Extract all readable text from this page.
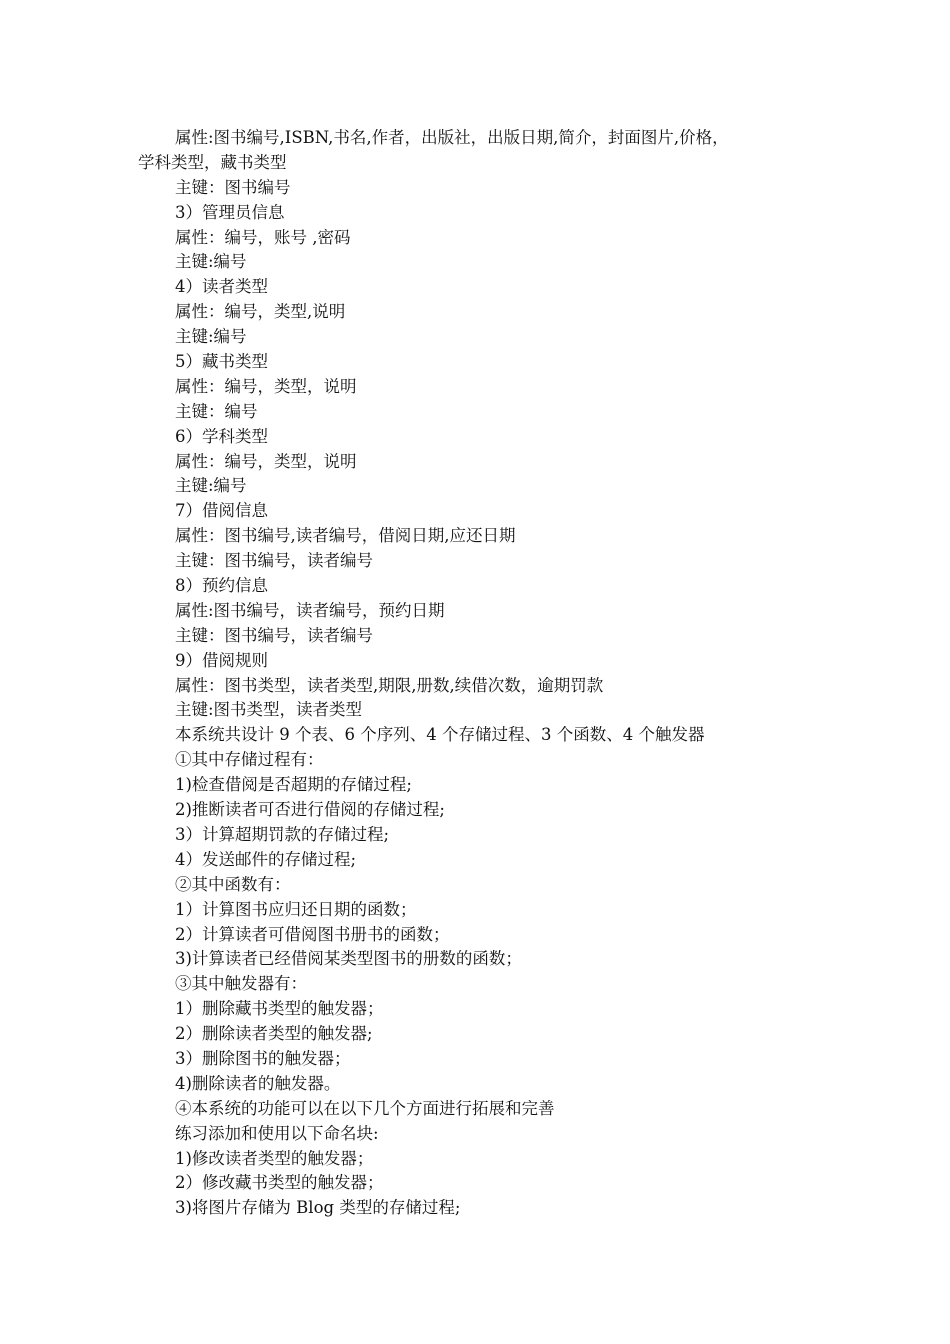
属性:图书编号,ISBN,书名,作者，出版社，出版日期,简介，封面图片,价格，
学科类型，藏书类型
主键：图书编号
3）管理员信息
属性：编号，账号 ,密码
主键:编号
4）读者类型
属性：编号，类型,说明
主键:编号
5）藏书类型
属性：编号，类型，说明
主键：编号
6）学科类型
属性：编号，类型，说明
主键:编号
7）借阅信息
属性：图书编号,读者编号，借阅日期,应还日期
主键：图书编号，读者编号
8）预约信息
属性:图书编号，读者编号，预约日期
主键：图书编号，读者编号
9）借阅规则
属性：图书类型，读者类型,期限,册数,续借次数，逾期罚款
主键:图书类型，读者类型
本系统共设计 9 个表、6 个序列、4 个存储过程、3 个函数、4 个触发器
①其中存储过程有：
1)检查借阅是否超期的存储过程;
2)推断读者可否进行借阅的存储过程;
3）计算超期罚款的存储过程;
4）发送邮件的存储过程;
②其中函数有：
1）计算图书应归还日期的函数；
2）计算读者可借阅图书册书的函数；
3)计算读者已经借阅某类型图书的册数的函数；
③其中触发器有：
1）删除藏书类型的触发器；
2）删除读者类型的触发器;
3）删除图书的触发器；
4)删除读者的触发器。
④本系统的功能可以在以下几个方面进行拓展和完善
练习添加和使用以下命名块:
1)修改读者类型的触发器；
2）修改藏书类型的触发器；
3)将图片存储为 Blog 类型的存储过程;
